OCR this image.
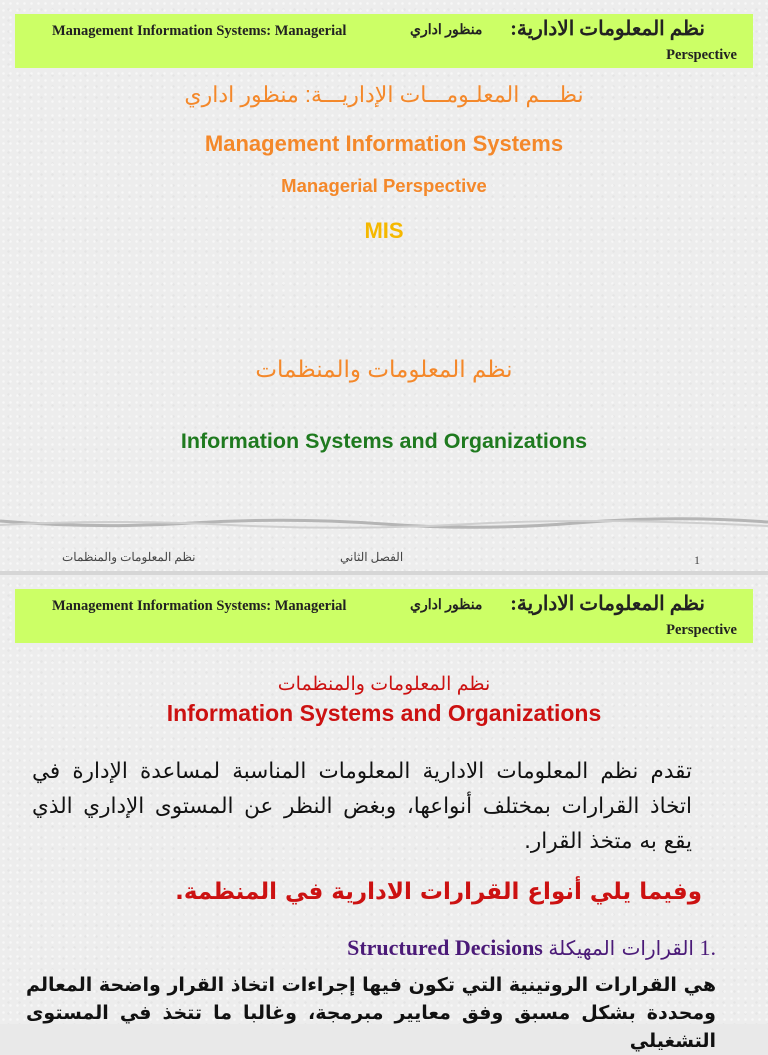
Management Information Systems: Managerial	منظور اداري نظم المعلومات الادارية:
Perspective
نظـــم المعلـومـــات الإداريـــة: منظور اداري
Management Information Systems
Managerial Perspective
MIS
نظم المعلومات والمنظمات
Information Systems and Organizations
نظم المعلومات والمنظمات	الفصل الثاني	1
Management Information Systems: Managerial	منظور اداري نظم المعلومات الادارية:
Perspective
نظم المعلومات والمنظمات
Information Systems and Organizations
تقدم نظم المعلومات الادارية المعلومات المناسبة لمساعدة الإدارة في اتخاذ القرارات بمختلف أنواعها، وبغض النظر عن المستوى الإداري الذي يقع به متخذ القرار.
وفيما يلي أنواع القرارات الادارية في المنظمة.
Structured Decisions القرارات المهيكلة 1.
هي القرارات الروتينية التي تكون فيها إجراءات اتخاذ القرار واضحة المعالم ومحددة بشكل مسبق وفق معايير مبرمجة، وغالبا ما تتخذ في المستوى التشغيلي
